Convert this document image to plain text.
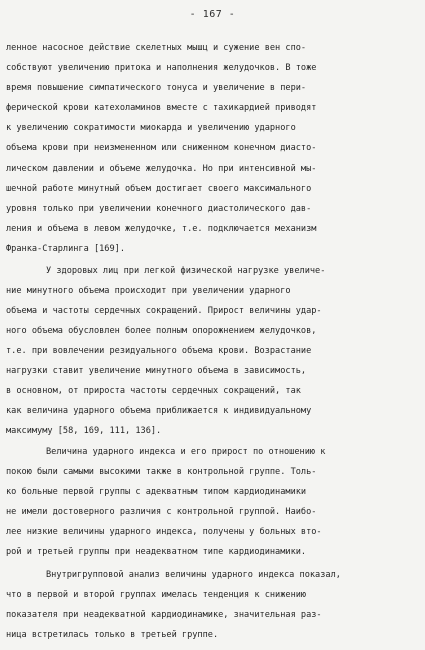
- 167 -
ленное насосное действие скелетных мышц и сужение вен спо-
собствуют увеличению притока и наполнения желудочков. В тоже
время повышение симпатического тонуса и увеличение в пери-
ферической крови катехоламинов вместе с тахикардией приводят
к увеличению сократимости миокарда и увеличению ударного
объема крови при неизмененном или сниженном конечном диасто-
лическом давлении и объеме желудочка. Но при интенсивной мы-
шечной работе минутный объем достигает своего максимального
уровня только при увеличении конечного диастолического дав-
ления и объема в левом желудочке, т.е. подключается механизм
Франка-Старлинга [169].
У здоровых лиц при легкой физической нагрузке увеличе-
ние минутного объема происходит при увеличении ударного
объема и частоты сердечных сокращений. Прирост величины удар-
ного объема обусловлен более полным опорожнением желудочков,
т.е. при вовлечении резидуального объема крови. Возрастание
нагрузки ставит увеличение минутного объема в зависимость,
в основном, от прироста частоты сердечных сокращений, так
как величина ударного объема приближается к индивидуальному
максимуму [58, 169, 111, 136].
Величина ударного индекса и его прирост по отношению к
покою были самыми высокими также в контрольной группе. Толь-
ко больные первой группы с адекватным типом кардиодинамики
не имели достоверного различия с контрольной группой. Наибо-
лее низкие величины ударного индекса, получены у больных вто-
рой и третьей группы при неадекватном типе кардиодинамики.
Внутригрупповой анализ величины ударного индекса показал,
что в первой и второй группах имелась тенденция к снижению
показателя при неадекватной кардиодинамике, значительная раз-
ница встретилась только в третьей группе.
